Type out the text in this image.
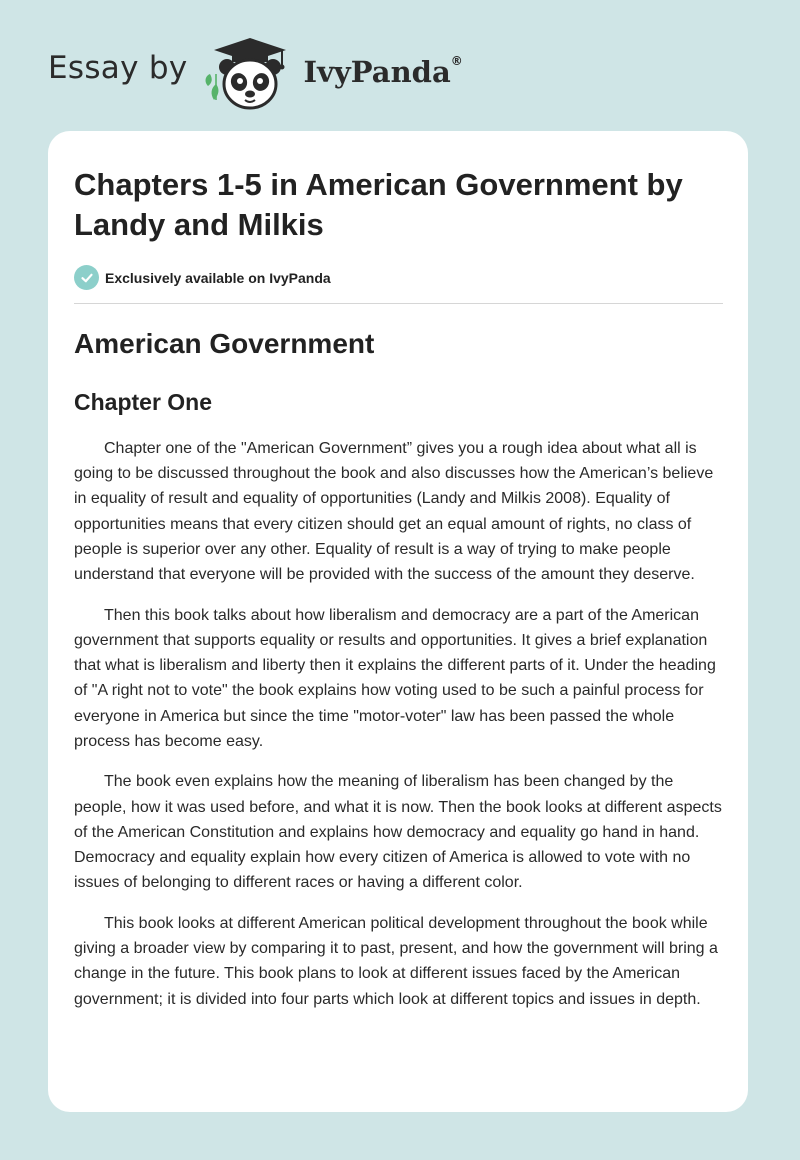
Essay by	IvyPanda®
Chapters 1-5 in American Government by Landy and Milkis
Exclusively available on IvyPanda
American Government
Chapter One

Chapter one of the "American Government” gives you a rough idea about what all is going to be discussed throughout the book and also discusses how the American’s believe in equality of result and equality of opportunities (Landy and Milkis 2008). Equality of opportunities means that every citizen should get an equal amount of rights, no class of people is superior over any other. Equality of result is a way of trying to make people understand that everyone will be provided with the success of the amount they deserve.

Then this book talks about how liberalism and democracy are a part of the American government that supports equality or results and opportunities. It gives a brief explanation that what is liberalism and liberty then it explains the different parts of it. Under the heading of "A right not to vote" the book explains how voting used to be such a painful process for everyone in America but since the time "motor-voter" law has been passed the whole process has become easy.

The book even explains how the meaning of liberalism has been changed by the people, how it was used before, and what it is now. Then the book looks at different aspects of the American Constitution and explains how democracy and equality go hand in hand. Democracy and equality explain how every citizen of America is allowed to vote with no issues of belonging to different races or having a different color.

This book looks at different American political development throughout the book while giving a broader view by comparing it to past, present, and how the government will bring a change in the future. This book plans to look at different issues faced by the American government; it is divided into four parts which look at different topics and issues in depth.
